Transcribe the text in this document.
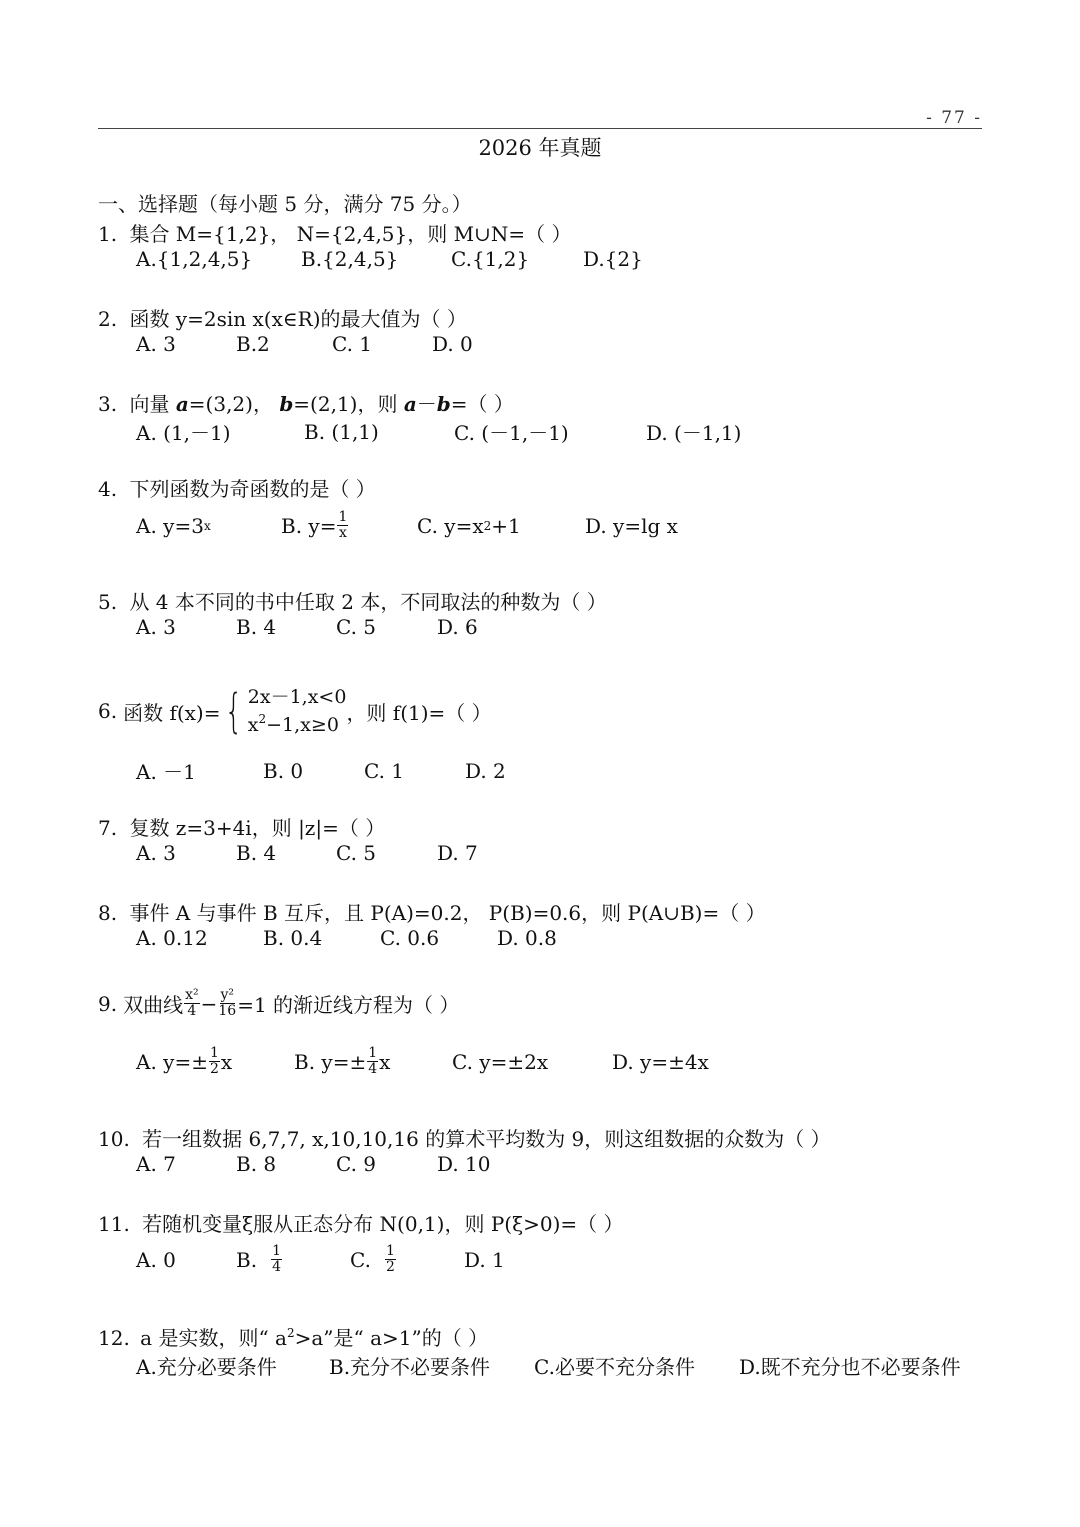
- 77 -
2026 年真题
一、选择题（每小题 5 分，满分 75 分。）
1. 集合 M={1,2}， N={2,4,5}，则 M∪N=（ ）
A.{1,2,4,5}	B.{2,4,5}	C.{1,2}	D.{2}
2. 函数 y=2sin x(x∈R)的最大值为（ ）
A. 3	B.2	C. 1	D. 0
3. 向量 a=(3,2)， b=(2,1)，则 a－b=（ ）
A. (1,－1)	B. (1,1)	C. (－1,－1)	D. (－1,1)
4. 下列函数为奇函数的是（ ）
A. y=3 x	B. $y= \frac{1}{x}$	C. y=x 2 +1	D. y=lg x
5. 从 4 本不同的书中任取 2 本，不同取法的种数为（ ）
A. 3	B. 4	C. 5	D. 6
6. 函数 f(x)= { 2x－1,x<0
$x^2-1,x\ge 0$
，则 f(1)=（ ）
A. －1	B. 0	C. 1	D. 2
7. 复数 z=3+4i，则 |z|=（ ）
A. 3	B. 4	C. 5	D. 7
8. 事件 A 与事件 B 互斥，且 P(A)=0.2， P(B)=0.6，则 P(A∪B)=（ ）
A. 0.12	B. 0.4	C. 0.6	D. 0.8
9. 双曲线 $\frac{\text{x²}}{4} - \frac{\text{y²}}{16} =1$ 的渐近线方程为（ ）
A. $y=\pm \frac{1}{2}$ x	B. $y=\pm \frac{1}{4}$ x	C. y=±2x	D. y=±4x
10. 若一组数据 6,7,7, x,10,10,16 的算术平均数为 9，则这组数据的众数为（ ）
A. 7	B. 8	C. 9	D. 10
11. 若随机变量ξ服从正态分布 N(0,1)，则 P(ξ>0)=（ ）
A. 0	B. $\frac{1}{4}$	C. $\frac{1}{2}$	D. 1
12. a 是实数，则“ $a^2>a$”是“ a>1”的（ ）
A.充分必要条件	B.充分不必要条件	C.必要不充分条件	D.既不充分也不必要条件
